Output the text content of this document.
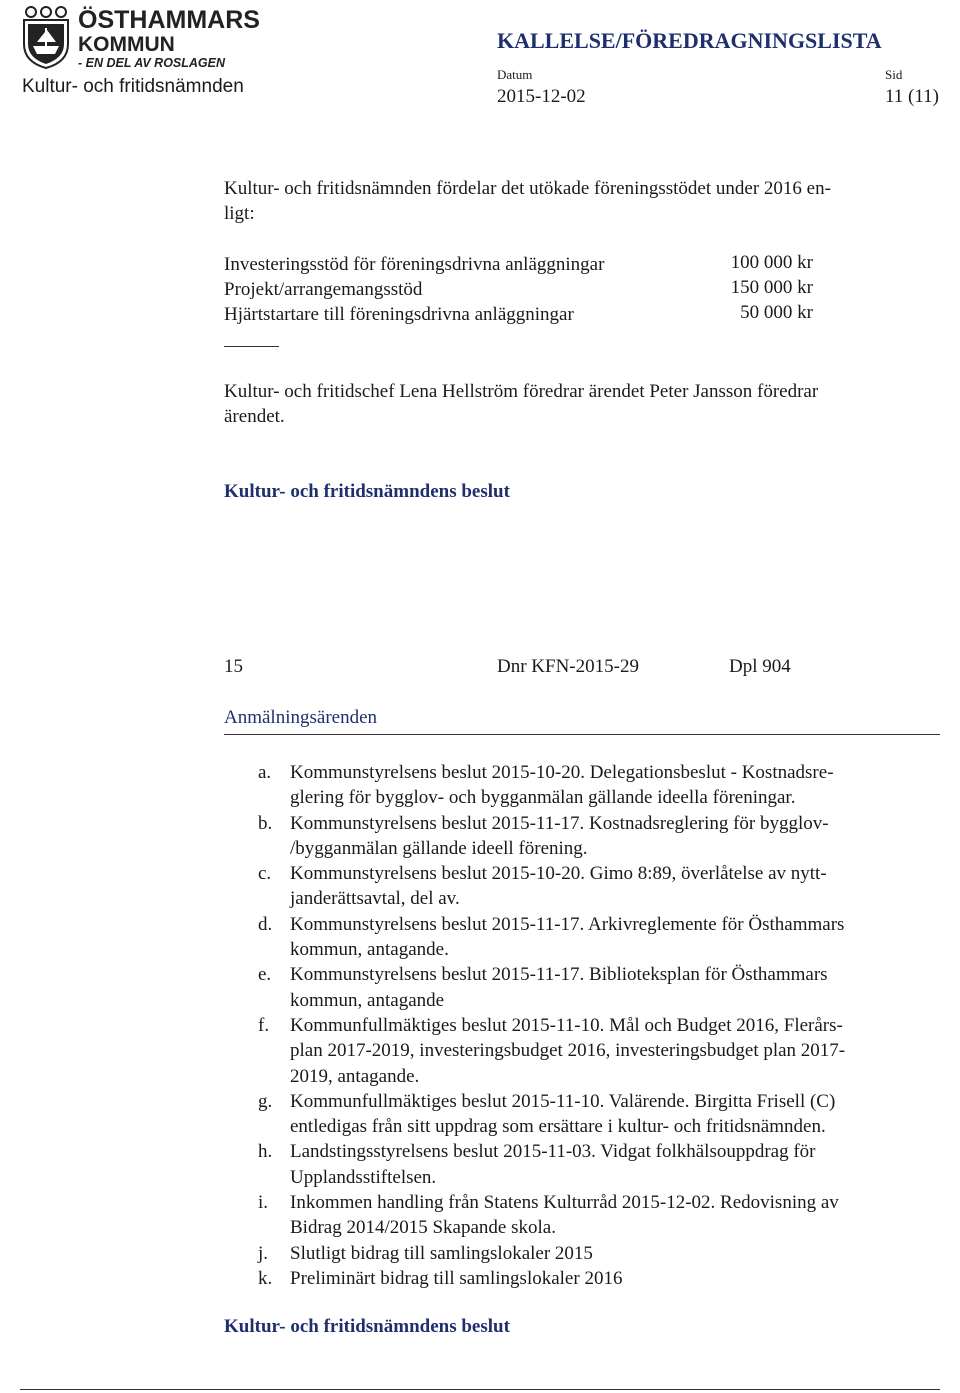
ÖSTHAMMARS
KOMMUN
- EN DEL AV ROSLAGEN
Kultur- och fritidsnämnden
KALLELSE/FÖREDRAGNINGSLISTA
Datum	Sid
2015-12-02	11 (11)
Kultur- och fritidsnämnden fördelar det utökade föreningsstödet under 2016 en-
ligt:
Investeringsstöd för föreningsdrivna anläggningar	100 000 kr
Projekt/arrangemangsstöd	150 000 kr
Hjärtstartare till föreningsdrivna anläggningar	50 000 kr
Kultur- och fritidschef Lena Hellström föredrar ärendet Peter Jansson föredrar
ärendet.
Kultur- och fritidsnämndens beslut
15	Dnr KFN-2015-29	Dpl 904
Anmälningsärenden
a. Kommunstyrelsens beslut 2015-10-20. Delegationsbeslut - Kostnadsre-
glering för bygglov- och bygganmälan gällande ideella föreningar.
b. Kommunstyrelsens beslut 2015-11-17. Kostnadsreglering för bygglov-
/bygganmälan gällande ideell förening.
c. Kommunstyrelsens beslut 2015-10-20. Gimo 8:89, överlåtelse av nytt-
janderättsavtal, del av.
d. Kommunstyrelsens beslut 2015-11-17. Arkivreglemente för Östhammars
kommun, antagande.
e. Kommunstyrelsens beslut 2015-11-17. Biblioteksplan för Östhammars
kommun, antagande
f.	Kommunfullmäktiges beslut 2015-11-10. Mål och Budget 2016, Flerårs-
plan 2017-2019, investeringsbudget 2016, investeringsbudget plan 2017-
2019, antagande.
g. Kommunfullmäktiges beslut 2015-11-10. Valärende. Birgitta Frisell (C)
entledigas från sitt uppdrag som ersättare i kultur- och fritidsnämnden.
h. Landstingsstyrelsens beslut 2015-11-03. Vidgat folkhälsouppdrag för
Upplandsstiftelsen.
i.	Inkommen handling från Statens Kulturråd 2015-12-02. Redovisning av
Bidrag 2014/2015 Skapande skola.
j.	Slutligt bidrag till samlingslokaler 2015
k. Preliminärt bidrag till samlingslokaler 2016
Kultur- och fritidsnämndens beslut
